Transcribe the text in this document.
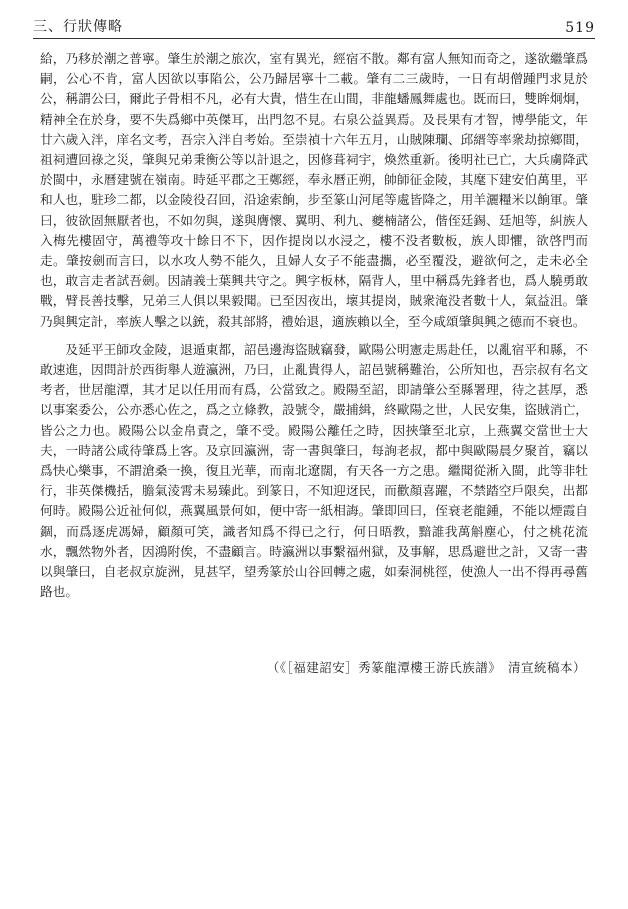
三、行狀傳略	519

給，乃移於潮之普寧。肇生於潮之旅次，室有異光，經宿不散。鄰有富人無知而奇之，遂欲繼肇爲嗣，公心不肯，富人因欲以事陷公，公乃歸居寧十二載。肇有二三歲時，一日有胡僧踵門求見於公，稱謂公曰，爾此子骨相不凡，必有大貴，惜生在山間，非龍蟠鳳舞處也。既而曰，雙眸炯炯，精神全在於身，要不失爲鄉中英傑耳，出門忽不見。右泉公益異焉。及長果有才智，博學能文，年廿六歲入泮，庠名文考，吾宗入泮自考始。至崇禎十六年五月，山賊陳瓓、邱縉等率衆劫掠鄉間，祖祠遭回祿之災，肇與兄弟秉衡公等以計退之，因修葺祠宇，煥然重新。後明社已亡，大兵虜降武於閩中，永曆建號在嶺南。時延平郡之王鄭經，奉永曆正朔，帥師征金陵，其麾下建安伯萬里，平和人也，駐珍二都，以金陵役召回，沿途索餉，步至篆山河尾等處皆降之，用羊灑糧米以餉軍。肇曰，彼欲固無厭者也，不如勿與，遂與膺懷、翼明、利九、夔楠諸公，偕侄廷錫、廷旭等，糾族人入梅先樓固守，萬禮等攻十餘日不下，因作提岗以水浸之，樓不没者數板，族人即懼，欲啓門而走。肇按劍而言曰，以水攻人勢不能久，且婦人女子不能盡攜，必至覆没，避欲何之，走未必全也，敢言走者試吾劍。因請義士葉興共守之。興字板林，隔背人，里中稱爲先鋒者也，爲人驍勇敢戰，臂長善技擊，兄弟三人俱以果毅聞。已至因夜出，壞其提岗，賊衆淹没者數十人，氣益沮。肇乃與興定計，率族人擊之以銃，殺其部將，禮始退，適族賴以全，至今咸頌肇與興之德而不衰也。

及延平王師攻金陵，退遁東都，詔邑邊海盜賊竊發，歐陽公明憲走馬赴任，以亂宿平和縣，不敢速進，因問計於西街舉人遊瀛洲，乃曰，止亂貴得人，詔邑號稱難治，公所知也，吾宗叔有名文考者，世居龍潭，其才足以任用而有爲，公當致之。殿陽至詔，即請肇公至縣署理，待之甚厚，悉以事案委公，公亦悉心佐之，爲之立條教，設號令，嚴捕緝，終歐陽之世，人民安集，盜賊消亡，皆公之力也。殿陽公以金帛責之，肇不受。殿陽公離任之時，因挾肇至北京，上燕翼交當世士大夫，一時諸公咸待肇爲上客。及京回瀛洲，寄一書與肇曰，每詢老叔，都中與歐陽晨夕聚首，竊以爲快心樂事，不謂滄桑一換，復且光華，而南北遼闊，有天各一方之患。繼聞從淅入閩，此等非牡行，非英傑機括，膽氣淩霄未易臻此。到篆日，不知迎迓民，而歡顏喜躍，不禁踏空戶限矣，出都何時。殿陽公近祉何似，燕翼風景何如，便中寄一紙相誨。肇即回曰，侄衰老龍鍾，不能以煙霞自錮，而爲逐虎馮婦，顧顏可笑，識者知爲不得已之行，何日晤教，黯誰我萬斛塵心，付之桃花流水，飄然物外者，因鴻附俟，不盡顧言。時瀛洲以事繫福州獄，及事解，思爲避世之計，又寄一書以與肇曰，自老叔京旋洲，見甚罕，望秀篆於山谷回轉之處，如秦洞桃徑，使漁人一出不得再尋舊路也。

（《［福建詔安］秀篆龍潭樓王游氏族譜》　清宣統稿本）
